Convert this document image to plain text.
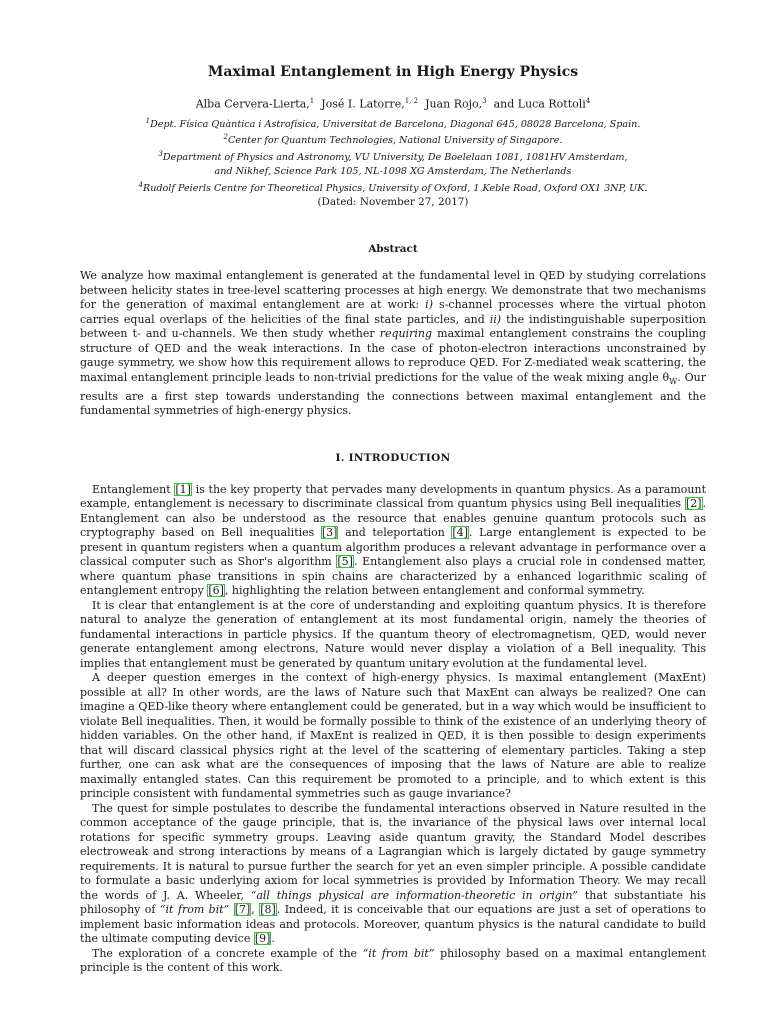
Maximal Entanglement in High Energy Physics
Alba Cervera-Lierta,$^1$ José I. Latorre,$^{1, 2}$ Juan Rojo,$^3$ and Luca Rottoli$^4$

$^1$Dept. Física Quàntica i Astrofísica, Universitat de Barcelona, Diagonal 645, 08028 Barcelona, Spain.

$^2$Center for Quantum Technologies, National University of Singapore.

$^3$Department of Physics and Astronomy, VU University, De Boelelaan 1081, 1081HV Amsterdam,

and Nikhef, Science Park 105, NL-1098 XG Amsterdam, The Netherlands

$^4$Rudolf Peierls Centre for Theoretical Physics, University of Oxford, 1 Keble Road, Oxford OX1 3NP, UK.

(Dated: November 27, 2017)

Abstract

We analyze how maximal entanglement is generated at the fundamental level in QED by studying correlations between helicity states in tree-level scattering processes at high energy. We demonstrate that two mechanisms for the generation of maximal entanglement are at work: i) s-channel processes where the virtual photon carries equal overlaps of the helicities of the final state particles, and ii) the indistinguishable superposition between t- and u-channels. We then study whether requiring maximal entanglement constrains the coupling structure of QED and the weak interactions. In the case of photon-electron interactions unconstrained by gauge symmetry, we show how this requirement allows to reproduce QED. For Z-mediated weak scattering, the maximal entanglement principle leads to non-trivial predictions for the value of the weak mixing angle $\theta_W$. Our results are a first step towards understanding the connections between maximal entanglement and the fundamental symmetries of high-energy physics.

I. INTRODUCTION

Entanglement [1] is the key property that pervades many developments in quantum physics. As a paramount example, entanglement is necessary to discriminate classical from quantum physics using Bell inequalities [2]. Entanglement can also be understood as the resource that enables genuine quantum protocols such as cryptography based on Bell inequalities [3] and teleportation [4]. Large entanglement is expected to be present in quantum registers when a quantum algorithm produces a relevant advantage in performance over a classical computer such as Shor's algorithm [5]. Entanglement also plays a crucial role in condensed matter, where quantum phase transitions in spin chains are characterized by a enhanced logarithmic scaling of entanglement entropy [6], highlighting the relation between entanglement and conformal symmetry.

It is clear that entanglement is at the core of understanding and exploiting quantum physics. It is therefore natural to analyze the generation of entanglement at its most fundamental origin, namely the theories of fundamental interactions in particle physics. If the quantum theory of electromagnetism, QED, would never generate entanglement among electrons, Nature would never display a violation of a Bell inequality. This implies that entanglement must be generated by quantum unitary evolution at the fundamental level.

A deeper question emerges in the context of high-energy physics. Is maximal entanglement (MaxEnt) possible at all? In other words, are the laws of Nature such that MaxEnt can always be realized? One can imagine a QED-like theory where entanglement could be generated, but in a way which would be insufficient to violate Bell inequalities. Then, it would be formally possible to think of the existence of an underlying theory of hidden variables. On the other hand, if MaxEnt is realized in QED, it is then possible to design experiments that will discard classical physics right at the level of the scattering of elementary particles. Taking a step further, one can ask what are the consequences of imposing that the laws of Nature are able to realize maximally entangled states. Can this requirement be promoted to a principle, and to which extent is this principle consistent with fundamental symmetries such as gauge invariance?

The quest for simple postulates to describe the fundamental interactions observed in Nature resulted in the common acceptance of the gauge principle, that is, the invariance of the physical laws over internal local rotations for specific symmetry groups. Leaving aside quantum gravity, the Standard Model describes electroweak and strong interactions by means of a Lagrangian which is largely dictated by gauge symmetry requirements. It is natural to pursue further the search for yet an even simpler principle. A possible candidate to formulate a basic underlying axiom for local symmetries is provided by Information Theory. We may recall the words of J. A. Wheeler, “all things physical are information-theoretic in origin” that substantiate his philosophy of “it from bit” [7], [8]. Indeed, it is conceivable that our equations are just a set of operations to implement basic information ideas and protocols. Moreover, quantum physics is the natural candidate to build the ultimate computing device [9].

The exploration of a concrete example of the “it from bit” philosophy based on a maximal entanglement principle is the content of this work.
